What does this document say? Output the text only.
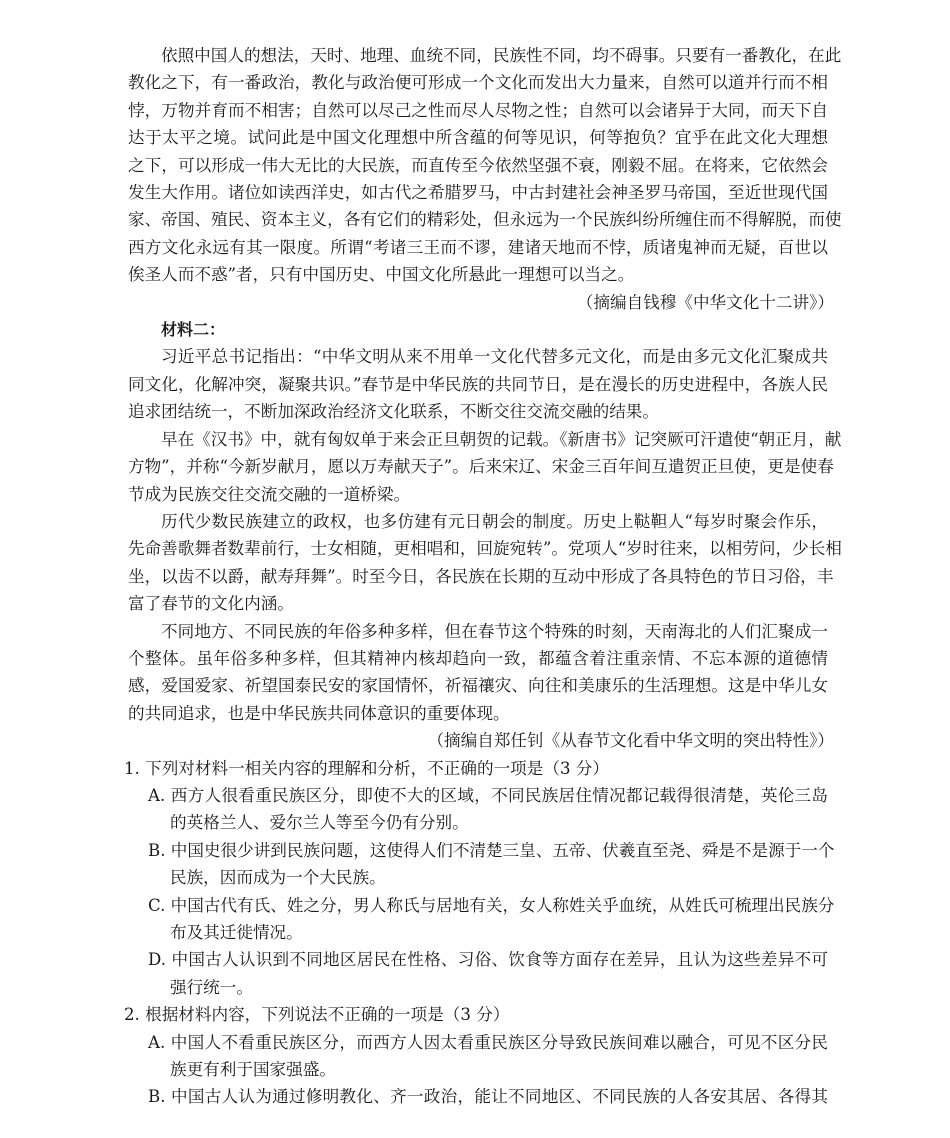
依照中国人的想法，天时、地理、血统不同，民族性不同，均不碍事。只要有一番教化，在此
教化之下，有一番政治，教化与政治便可形成一个文化而发出大力量来，自然可以道并行而不相
悖，万物并育而不相害；自然可以尽己之性而尽人尽物之性；自然可以会诸异于大同，而天下自
达于太平之境。试问此是中国文化理想中所含蕴的何等见识，何等抱负？宜乎在此文化大理想
之下，可以形成一伟大无比的大民族，而直传至今依然坚强不衰，刚毅不屈。在将来，它依然会
发生大作用。诸位如读西洋史，如古代之希腊罗马，中古封建社会神圣罗马帝国，至近世现代国
家、帝国、殖民、资本主义，各有它们的精彩处，但永远为一个民族纠纷所缠住而不得解脱，而使
西方文化永远有其一限度。所谓“考诸三王而不谬，建诸天地而不悖，质诸鬼神而无疑，百世以
俟圣人而不惑”者，只有中国历史、中国文化所悬此一理想可以当之。
（摘编自钱穆《中华文化十二讲》）
材料二：
习近平总书记指出：“中华文明从来不用单一文化代替多元文化，而是由多元文化汇聚成共
同文化，化解冲突，凝聚共识。”春节是中华民族的共同节日，是在漫长的历史进程中，各族人民
追求团结统一，不断加深政治经济文化联系，不断交往交流交融的结果。
早在《汉书》中，就有匈奴单于来会正旦朝贺的记载。《新唐书》记突厥可汗遣使“朝正月，献
方物”，并称“今新岁献月，愿以万寿献天子”。后来宋辽、宋金三百年间互遣贺正旦使，更是使春
节成为民族交往交流交融的一道桥梁。
历代少数民族建立的政权，也多仿建有元日朝会的制度。历史上鞑靼人“每岁时聚会作乐，
先命善歌舞者数辈前行，士女相随，更相唱和，回旋宛转”。党项人“岁时往来，以相劳问，少长相
坐，以齿不以爵，献寿拜舞”。时至今日，各民族在长期的互动中形成了各具特色的节日习俗，丰
富了春节的文化内涵。
不同地方、不同民族的年俗多种多样，但在春节这个特殊的时刻，天南海北的人们汇聚成一
个整体。虽年俗多种多样，但其精神内核却趋向一致，都蕴含着注重亲情、不忘本源的道德情
感，爱国爱家、祈望国泰民安的家国情怀，祈福禳灾、向往和美康乐的生活理想。这是中华儿女
的共同追求，也是中华民族共同体意识的重要体现。
（摘编自郑任钊《从春节文化看中华文明的突出特性》）
1. 下列对材料一相关内容的理解和分析，不正确的一项是（3 分）
A. 西方人很看重民族区分，即使不大的区域，不同民族居住情况都记载得很清楚，英伦三岛
的英格兰人、爱尔兰人等至今仍有分别。
B. 中国史很少讲到民族问题，这使得人们不清楚三皇、五帝、伏羲直至尧、舜是不是源于一个
民族，因而成为一个大民族。
C. 中国古代有氏、姓之分，男人称氏与居地有关，女人称姓关乎血统，从姓氏可梳理出民族分
布及其迁徙情况。
D. 中国古人认识到不同地区居民在性格、习俗、饮食等方面存在差异，且认为这些差异不可
强行统一。
2. 根据材料内容，下列说法不正确的一项是（3 分）
A. 中国人不看重民族区分，而西方人因太看重民族区分导致民族间难以融合，可见不区分民
族更有利于国家强盛。
B. 中国古人认为通过修明教化、齐一政治，能让不同地区、不同民族的人各安其居、各得其
